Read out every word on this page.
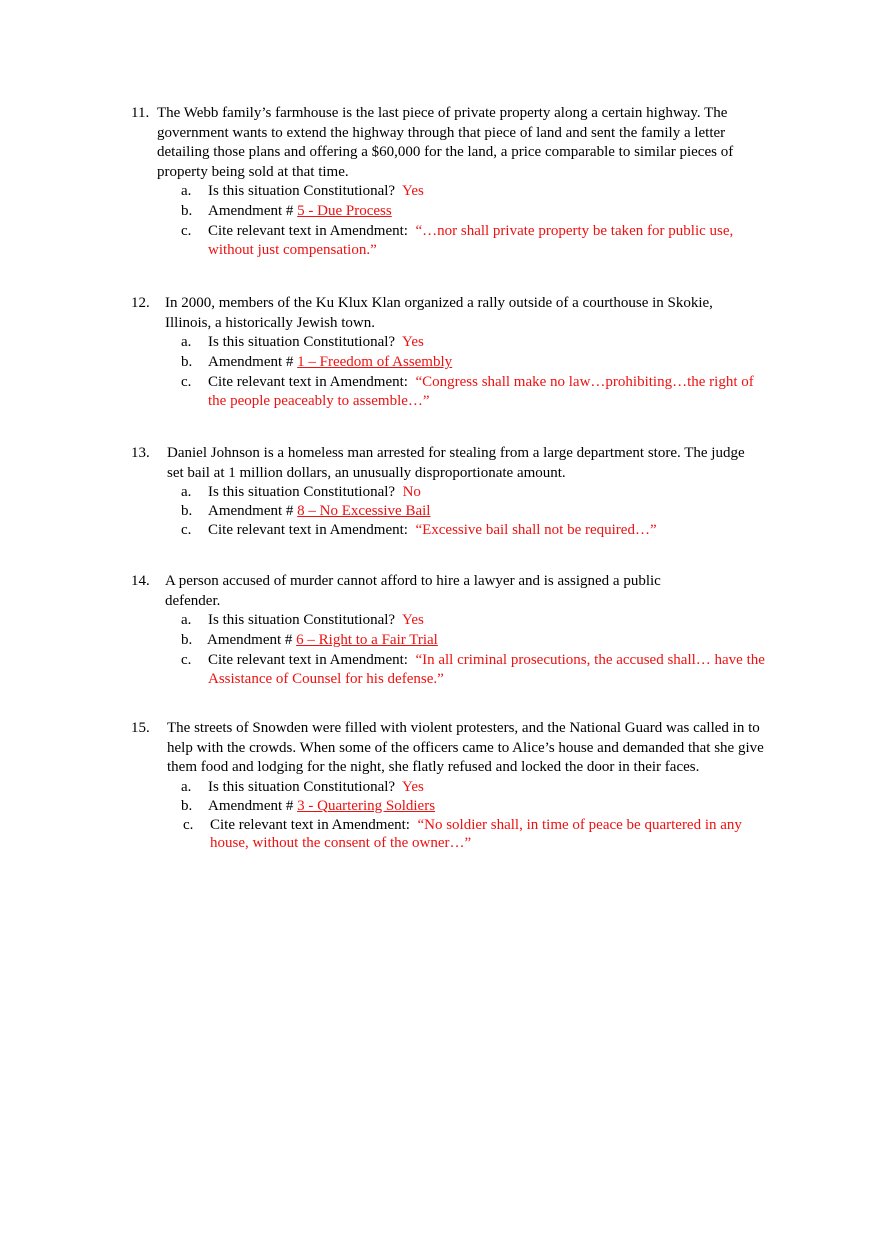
11. The Webb family’s farmhouse is the last piece of private property along a certain highway. The government wants to extend the highway through that piece of land and sent the family a letter detailing those plans and offering a $60,000 for the land, a price comparable to similar pieces of property being sold at that time.
a. Is this situation Constitutional? Yes
b. Amendment # 5 - Due Process
c. Cite relevant text in Amendment: “…nor shall private property be taken for public use, without just compensation.”
12. In 2000, members of the Ku Klux Klan organized a rally outside of a courthouse in Skokie, Illinois, a historically Jewish town.
a. Is this situation Constitutional? Yes
b. Amendment # 1 – Freedom of Assembly
c. Cite relevant text in Amendment: “Congress shall make no law…prohibiting…the right of the people peaceably to assemble…”
13. Daniel Johnson is a homeless man arrested for stealing from a large department store. The judge set bail at 1 million dollars, an unusually disproportionate amount.
a. Is this situation Constitutional? No
b. Amendment # 8 – No Excessive Bail
c. Cite relevant text in Amendment: “Excessive bail shall not be required…”
14. A person accused of murder cannot afford to hire a lawyer and is assigned a public defender.
a. Is this situation Constitutional? Yes
b. Amendment # 6 – Right to a Fair Trial
c. Cite relevant text in Amendment: “In all criminal prosecutions, the accused shall… have the Assistance of Counsel for his defense.”
15. The streets of Snowden were filled with violent protesters, and the National Guard was called in to help with the crowds. When some of the officers came to Alice’s house and demanded that she give them food and lodging for the night, she flatly refused and locked the door in their faces.
a. Is this situation Constitutional? Yes
b. Amendment # 3 - Quartering Soldiers
c. Cite relevant text in Amendment: “No soldier shall, in time of peace be quartered in any house, without the consent of the owner…”
